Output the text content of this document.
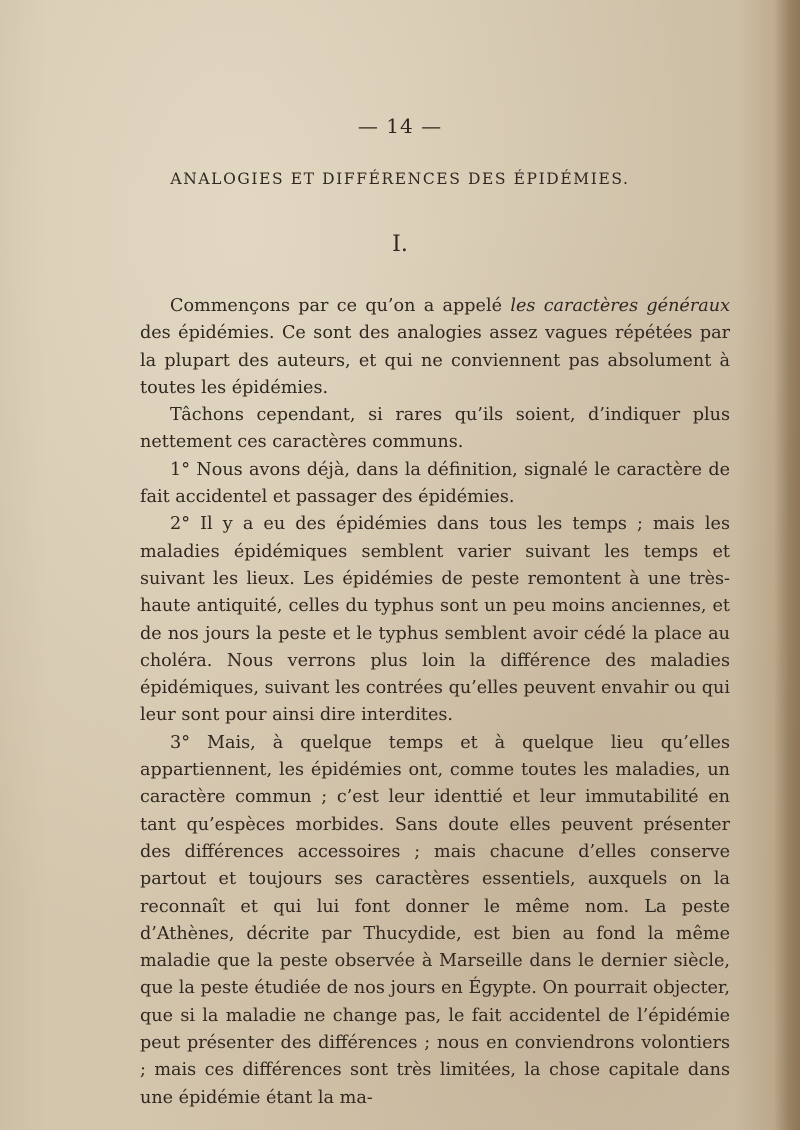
— 14 —
ANALOGIES ET DIFFÉRENCES DES ÉPIDÉMIES.
I.

Commençons par ce qu’on a appelé les caractères généraux des épidémies. Ce sont des analogies assez vagues répétées par la plupart des auteurs, et qui ne conviennent pas absolument à toutes les épidémies.

Tâchons cependant, si rares qu’ils soient, d’indiquer plus nettement ces caractères communs.

1° Nous avons déjà, dans la définition, signalé le caractère de fait accidentel et passager des épidémies.

2° Il y a eu des épidémies dans tous les temps ; mais les maladies épidémiques semblent varier suivant les temps et suivant les lieux. Les épidémies de peste remontent à une très-haute antiquité, celles du typhus sont un peu moins anciennes, et de nos jours la peste et le typhus semblent avoir cédé la place au choléra. Nous verrons plus loin la différence des maladies épidémiques, suivant les contrées qu’elles peuvent envahir ou qui leur sont pour ainsi dire interdites.

3° Mais, à quelque temps et à quelque lieu qu’elles appartiennent, les épidémies ont, comme toutes les maladies, un caractère commun ; c’est leur identtié et leur immutabilité en tant qu’espèces morbides. Sans doute elles peuvent présenter des différences accessoires ; mais chacune d’elles conserve partout et toujours ses caractères essentiels, auxquels on la reconnaît et qui lui font donner le même nom. La peste d’Athènes, décrite par Thucydide, est bien au fond la même maladie que la peste observée à Marseille dans le dernier siècle, que la peste étudiée de nos jours en Égypte. On pourrait objecter, que si la maladie ne change pas, le fait accidentel de l’épidémie peut présenter des différences ; nous en conviendrons volontiers ; mais ces différences sont très limitées, la chose capitale dans une épidémie étant la ma-
